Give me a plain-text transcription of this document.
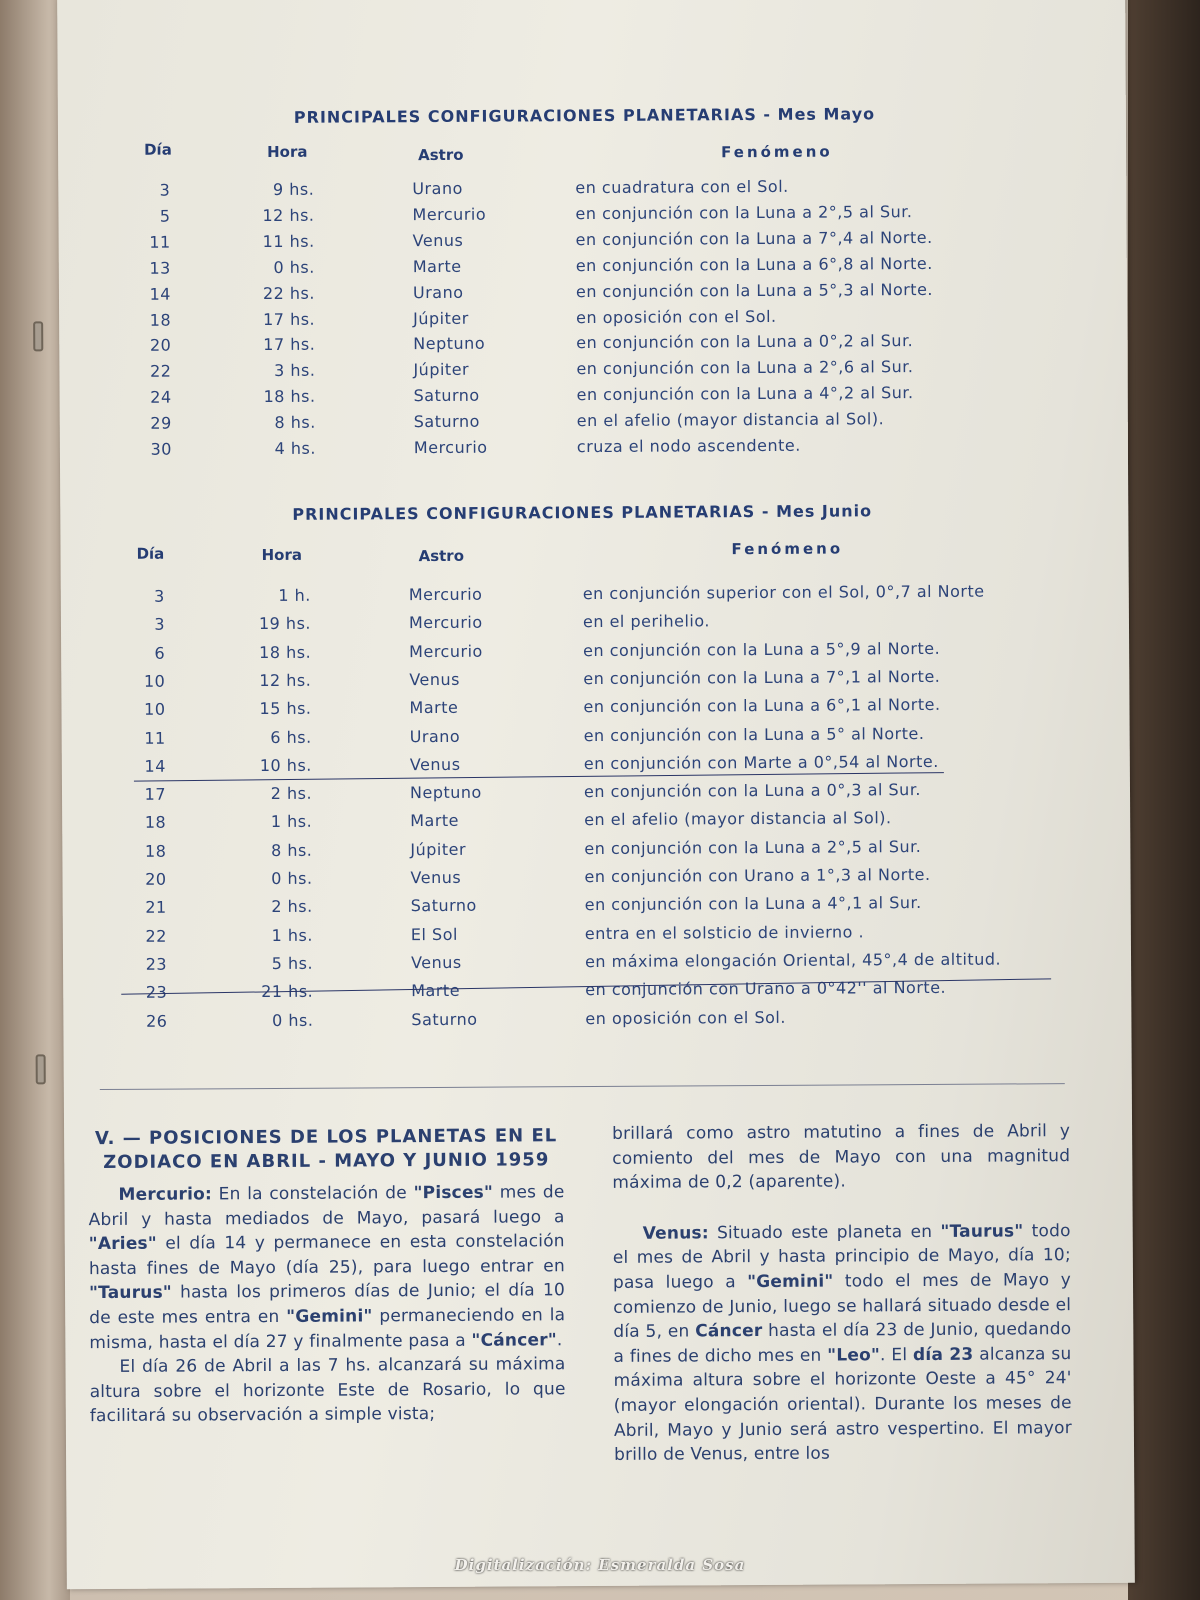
PRINCIPALES CONFIGURACIONES PLANETARIAS - Mes Mayo
Día	Hora	Astro	Fenómeno
3	9 hs.	Urano	en cuadratura con el Sol.
5	12 hs.	Mercurio	en conjunción con la Luna a 2°,5 al Sur.
11	11 hs.	Venus	en conjunción con la Luna a 7°,4 al Norte.
13	0 hs.	Marte	en conjunción con la Luna a 6°,8 al Norte.
14	22 hs.	Urano	en conjunción con la Luna a 5°,3 al Norte.
18	17 hs.	Júpiter	en oposición con el Sol.
20	17 hs.	Neptuno	en conjunción con la Luna a 0°,2 al Sur.
22	3 hs.	Júpiter	en conjunción con la Luna a 2°,6 al Sur.
24	18 hs.	Saturno	en conjunción con la Luna a 4°,2 al Sur.
29	8 hs.	Saturno	en el afelio (mayor distancia al Sol).
30	4 hs.	Mercurio	cruza el nodo ascendente.
PRINCIPALES CONFIGURACIONES PLANETARIAS - Mes Junio
Día	Hora	Astro	Fenómeno
3	1 h.	Mercurio	en conjunción superior con el Sol, 0°,7 al Norte
3	19 hs.	Mercurio	en el perihelio.
6	18 hs.	Mercurio	en conjunción con la Luna a 5°,9 al Norte.
10	12 hs.	Venus	en conjunción con la Luna a 7°,1 al Norte.
10	15 hs.	Marte	en conjunción con la Luna a 6°,1 al Norte.
11	6 hs.	Urano	en conjunción con la Luna a 5° al Norte.
14	10 hs.	Venus	en conjunción con Marte a 0°,54 al Norte.
17	2 hs.	Neptuno	en conjunción con la Luna a 0°,3 al Sur.
18	1 hs.	Marte	en el afelio (mayor distancia al Sol).
18	8 hs.	Júpiter	en conjunción con la Luna a 2°,5 al Sur.
20	0 hs.	Venus	en conjunción con Urano a 1°,3 al Norte.
21	2 hs.	Saturno	en conjunción con la Luna a 4°,1 al Sur.
22	1 hs.	El Sol	entra en el solsticio de invierno .
23	5 hs.	Venus	en máxima elongación Oriental, 45°,4 de altitud.
23	21 hs.	Marte	en conjunción con Urano a 0°42'' al Norte.
26	0 hs.	Saturno	en oposición con el Sol.
V. — POSICIONES DE LOS PLANETAS EN EL ZODIACO EN ABRIL - MAYO Y JUNIO 1959

Mercurio: En la constelación de "Pisces" mes de Abril y hasta mediados de Mayo, pasará luego a "Aries" el día 14 y permanece en esta constelación hasta fines de Mayo (día 25), para luego entrar en "Taurus" hasta los primeros días de Junio; el día 10 de este mes entra en "Gemini" permaneciendo en la misma, hasta el día 27 y finalmente pasa a "Cáncer".

El día 26 de Abril a las 7 hs. alcanzará su máxima altura sobre el horizonte Este de Rosario, lo que facilitará su observación a simple vista;

brillará como astro matutino a fines de Abril y comiento del mes de Mayo con una magnitud máxima de 0,2 (aparente).

Venus: Situado este planeta en "Taurus" todo el mes de Abril y hasta principio de Mayo, día 10; pasa luego a "Gemini" todo el mes de Mayo y comienzo de Junio, luego se hallará situado desde el día 5, en Cáncer hasta el día 23 de Junio, quedando a fines de dicho mes en "Leo". El día 23 alcanza su máxima altura sobre el horizonte Oeste a 45° 24' (mayor elongación oriental). Durante los meses de Abril, Mayo y Junio será astro vespertino. El mayor brillo de Venus, entre los

Digitalización: Esmeralda Sosa
